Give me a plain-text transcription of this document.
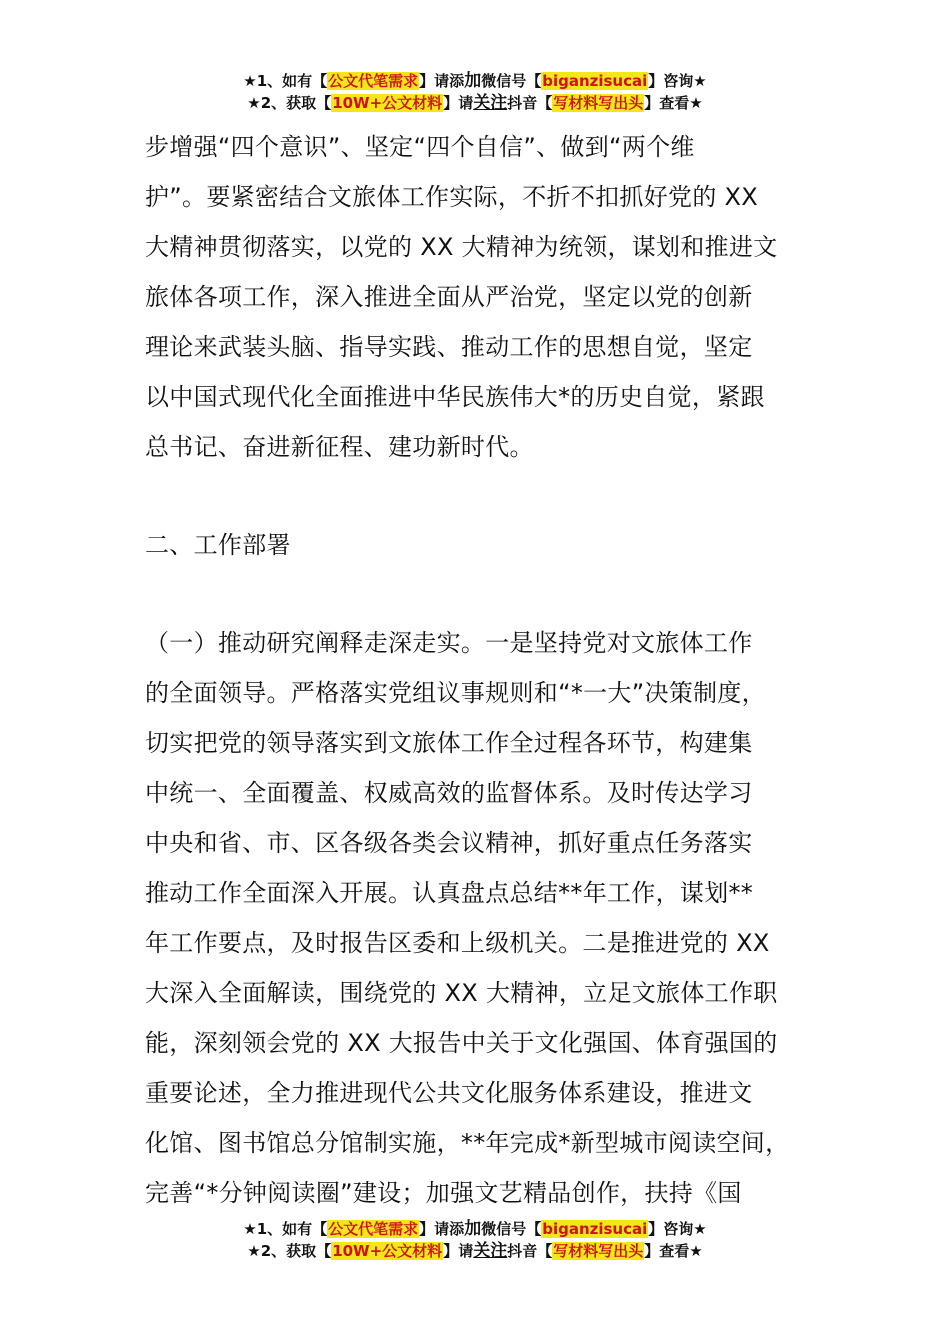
★1、如有【公文代笔需求】请添加微信号【biganzisucai】咨询★
★2、获取【10W+公文材料】请关注抖音【写材料写出头】查看★
步增强“四个意识”、坚定“四个自信”、做到“两个维
护”。要紧密结合文旅体工作实际，不折不扣抓好党的 XX
大精神贯彻落实，以党的 XX 大精神为统领，谋划和推进文
旅体各项工作，深入推进全面从严治党，坚定以党的创新
理论来武装头脑、指导实践、推动工作的思想自觉，坚定
以中国式现代化全面推进中华民族伟大*的历史自觉，紧跟
总书记、奋进新征程、建功新时代。
二、工作部署
（一）推动研究阐释走深走实。一是坚持党对文旅体工作
的全面领导。严格落实党组议事规则和“*一大”决策制度，
切实把党的领导落实到文旅体工作全过程各环节，构建集
中统一、全面覆盖、权威高效的监督体系。及时传达学习
中央和省、市、区各级各类会议精神，抓好重点任务落实
推动工作全面深入开展。认真盘点总结**年工作，谋划**
年工作要点，及时报告区委和上级机关。二是推进党的 XX
大深入全面解读，围绕党的 XX 大精神，立足文旅体工作职
能，深刻领会党的 XX 大报告中关于文化强国、体育强国的
重要论述，全力推进现代公共文化服务体系建设，推进文
化馆、图书馆总分馆制实施，**年完成*新型城市阅读空间，
完善“*分钟阅读圈”建设；加强文艺精品创作，扶持《国
★1、如有【公文代笔需求】请添加微信号【biganzisucai】咨询★
★2、获取【10W+公文材料】请关注抖音【写材料写出头】查看★
